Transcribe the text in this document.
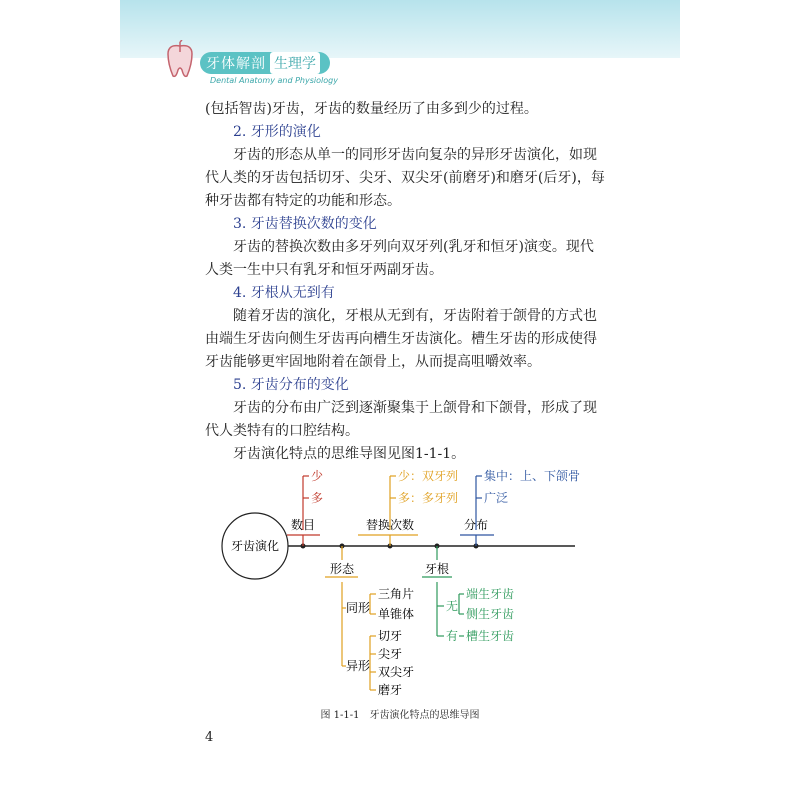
牙体解剖 生理学
Dental Anatomy and Physiology

(包括智齿)牙齿，牙齿的数量经历了由多到少的过程。

2. 牙形的演化

牙齿的形态从单一的同形牙齿向复杂的异形牙齿演化，如现代人类的牙齿包括切牙、尖牙、双尖牙(前磨牙)和磨牙(后牙)，每种牙齿都有特定的功能和形态。

3. 牙齿替换次数的变化

牙齿的替换次数由多牙列向双牙列(乳牙和恒牙)演变。现代人类一生中只有乳牙和恒牙两副牙齿。

4. 牙根从无到有

随着牙齿的演化，牙根从无到有，牙齿附着于颌骨的方式也由端生牙齿向侧生牙齿再向槽生牙齿演化。槽生牙齿的形成使得牙齿能够更牢固地附着在颌骨上，从而提高咀嚼效率。

5. 牙齿分布的变化

牙齿的分布由广泛到逐渐聚集于上颌骨和下颌骨，形成了现代人类特有的口腔结构。

牙齿演化特点的思维导图见图1-1-1。

牙齿演化
数目
少
多
替换次数
少：双牙列
多：多牙列
分布
集中：上、下颌骨
广泛
形态
同形
三角片
单锥体
异形
切牙
尖牙
双尖牙
磨牙
牙根
无
端生牙齿
侧生牙齿
有 槽生牙齿
图 1-1-1　牙齿演化特点的思维导图
4
